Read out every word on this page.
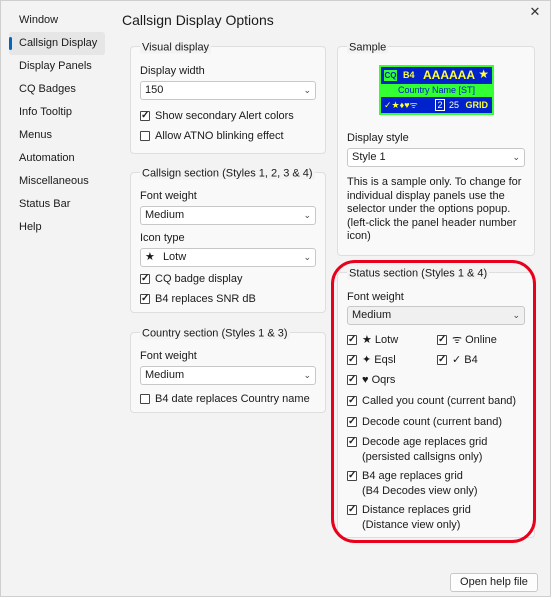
✕
Window
Callsign Display
Display Panels
CQ Badges
Info Tooltip
Menus
Automation
Miscellaneous
Status Bar
Help
Callsign Display Options
Visual display
Display width
150	⌄
✓
Show secondary Alert colors
Allow ATNO blinking effect
Callsign section (Styles 1, 2, 3 & 4)
Font weight
Medium	⌄
Icon type
★ Lotw	⌄
✓
CQ badge display
✓
B4 replaces SNR dB
Country section (Styles 1 & 3)
Font weight
Medium	⌄
B4 date replaces Country name
Sample
CQ B4 AAAAAA ★
Country Name [ST]
✓★♦♥ᯤ 2 25 GRID
Display style
Style 1	⌄
This is a sample only. To change for individual display panels use the selector under the options popup. (left-click the panel header number icon)
Status section (Styles 1 & 4)
Font weight
Medium	⌄
✓
★ Lotw ✓	ᯤ Online
✓
✦ Eqsl ✓	✓ B4
✓
♥ Oqrs
✓
Called you count (current band)
✓
Decode count (current band)
✓
Decode age replaces grid
(persisted callsigns only)
✓
B4 age replaces grid
(B4 Decodes view only)
✓
Distance replaces grid
(Distance view only)
Open help file
